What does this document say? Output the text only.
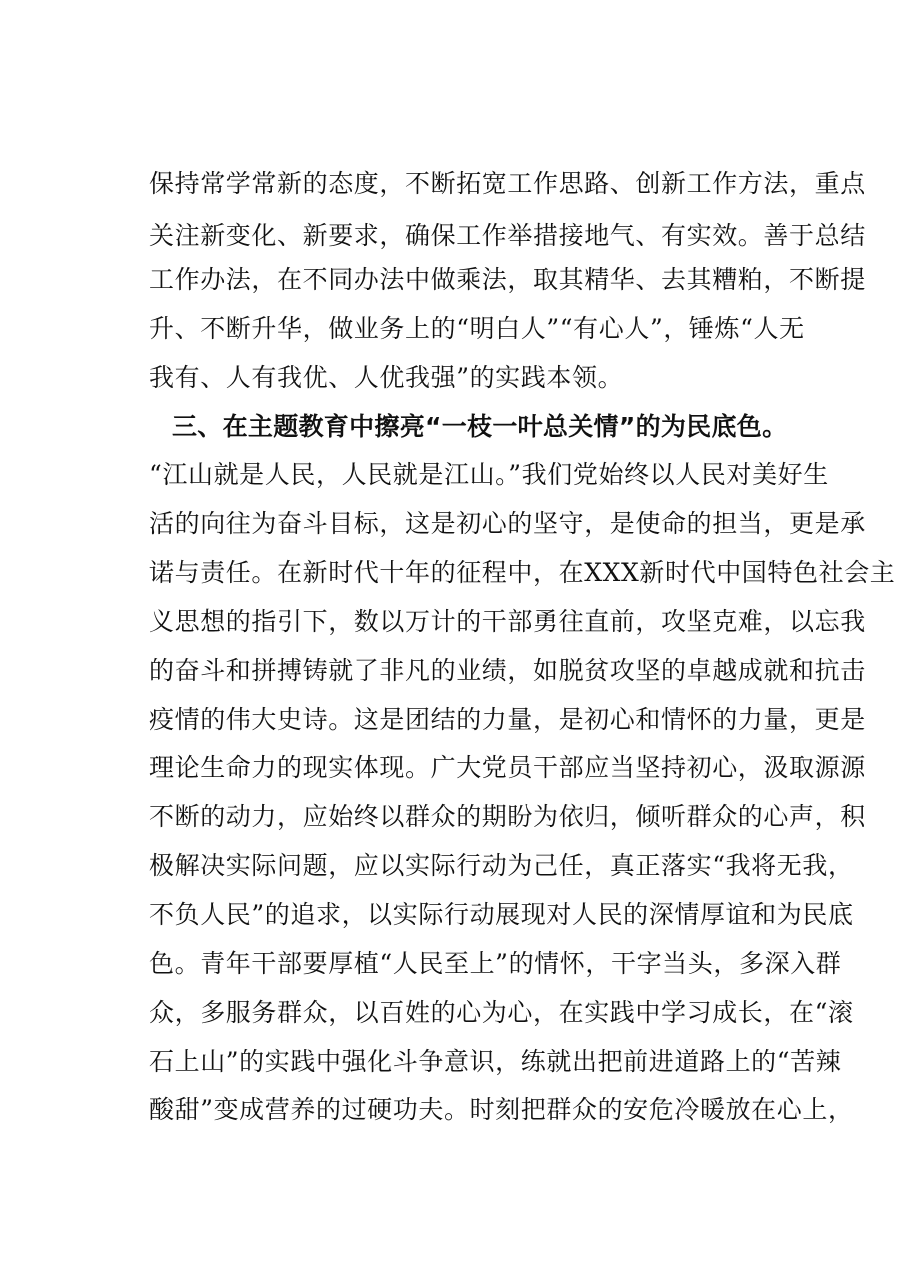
保持常学常新的态度，不断拓宽工作思路、创新工作方法，重点
关注新变化、新要求，确保工作举措接地气、有实效。善于总结
工作办法，在不同办法中做乘法，取其精华、去其糟粕，不断提
升、不断升华，做业务上的“明白人”“有心人”，锤炼“人无
我有、人有我优、人优我强”的实践本领。
三、在主题教育中擦亮“一枝一叶总关情”的为民底色。
“江山就是人民，人民就是江山。”我们党始终以人民对美好生
活的向往为奋斗目标，这是初心的坚守，是使命的担当，更是承
诺与责任。在新时代十年的征程中，在XXX新时代中国特色社会主
义思想的指引下，数以万计的干部勇往直前，攻坚克难，以忘我
的奋斗和拼搏铸就了非凡的业绩，如脱贫攻坚的卓越成就和抗击
疫情的伟大史诗。这是团结的力量，是初心和情怀的力量，更是
理论生命力的现实体现。广大党员干部应当坚持初心，汲取源源
不断的动力，应始终以群众的期盼为依归，倾听群众的心声，积
极解决实际问题，应以实际行动为己任，真正落实“我将无我，
不负人民”的追求，以实际行动展现对人民的深情厚谊和为民底
色。青年干部要厚植“人民至上”的情怀，干字当头，多深入群
众，多服务群众，以百姓的心为心，在实践中学习成长，在“滚
石上山”的实践中强化斗争意识，练就出把前进道路上的“苦辣
酸甜”变成营养的过硬功夫。时刻把群众的安危冷暖放在心上，
